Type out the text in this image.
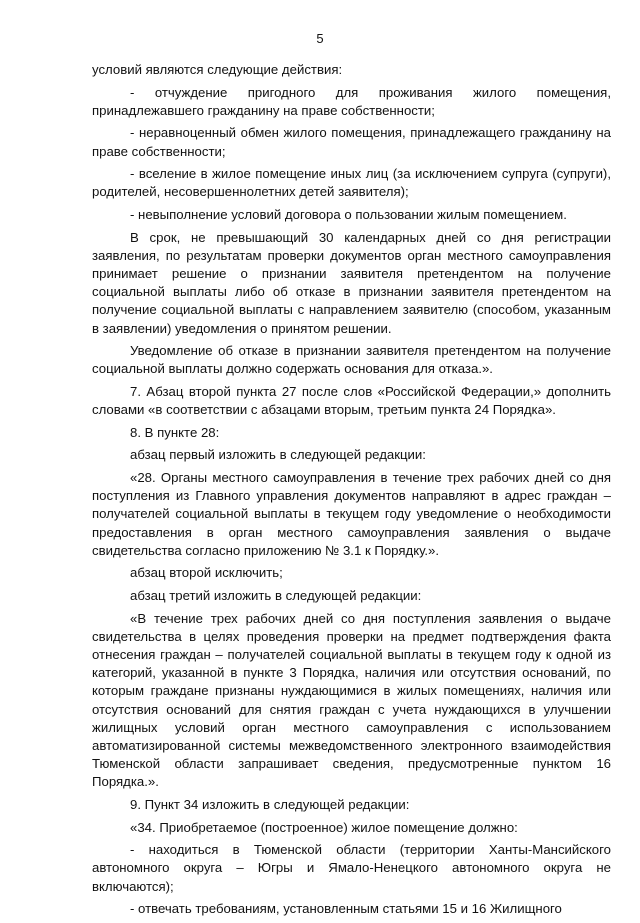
5

условий являются следующие действия:

- отчуждение пригодного для проживания жилого помещения, принадлежавшего гражданину на праве собственности;

- неравноценный обмен жилого помещения, принадлежащего гражданину на праве собственности;

- вселение в жилое помещение иных лиц (за исключением супруга (супруги), родителей, несовершеннолетних детей заявителя);

- невыполнение условий договора о пользовании жилым помещением.

В срок, не превышающий 30 календарных дней со дня регистрации заявления, по результатам проверки документов орган местного самоуправления принимает решение о признании заявителя претендентом на получение социальной выплаты либо об отказе в признании заявителя претендентом на получение социальной выплаты с направлением заявителю (способом, указанным в заявлении) уведомления о принятом решении.

Уведомление об отказе в признании заявителя претендентом на получение социальной выплаты должно содержать основания для отказа.».

7. Абзац второй пункта 27 после слов «Российской Федерации,» дополнить словами «в соответствии с абзацами вторым, третьим пункта 24 Порядка».

8. В пункте 28:

абзац первый изложить в следующей редакции:

«28. Органы местного самоуправления в течение трех рабочих дней со дня поступления из Главного управления документов направляют в адрес граждан – получателей социальной выплаты в текущем году уведомление о необходимости предоставления в орган местного самоуправления заявления о выдаче свидетельства согласно приложению № 3.1 к Порядку.».

абзац второй исключить;

абзац третий изложить в следующей редакции:

«В течение трех рабочих дней со дня поступления заявления о выдаче свидетельства в целях проведения проверки на предмет подтверждения факта отнесения граждан – получателей социальной выплаты в текущем году к одной из категорий, указанной в пункте 3 Порядка, наличия или отсутствия оснований, по которым граждане признаны нуждающимися в жилых помещениях, наличия или отсутствия оснований для снятия граждан с учета нуждающихся в улучшении жилищных условий орган местного самоуправления с использованием автоматизированной системы межведомственного электронного взаимодействия Тюменской области запрашивает сведения, предусмотренные пунктом 16 Порядка.».

9. Пункт 34 изложить в следующей редакции:

«34. Приобретаемое (построенное) жилое помещение должно:

- находиться в Тюменской области (территории Ханты-Мансийского автономного округа – Югры и Ямало-Ненецкого автономного округа не включаются);

- отвечать требованиям, установленным статьями 15 и 16 Жилищного
